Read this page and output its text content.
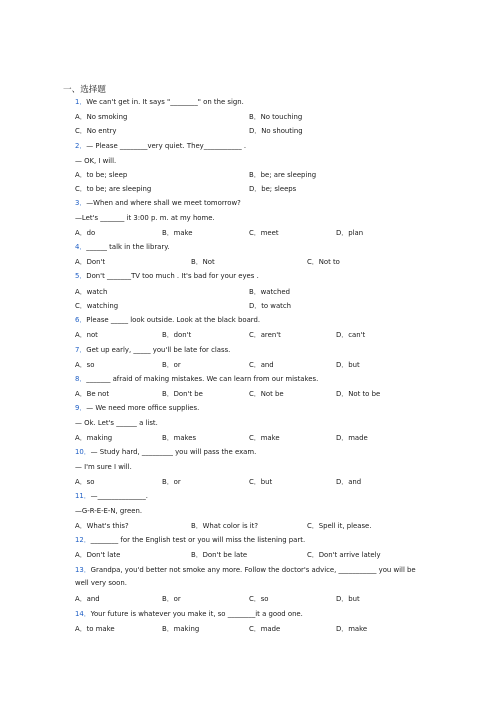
一、选择题
1．We can't get in. It says "________" on the sign.
A．No smoking	B．No touching
C．No entry	D．No shouting
2．— Please ________very quiet. They___________ .
— OK, I will.
A．to be; sleep	B．be; are sleeping
C．to be; are sleeping	D．be; sleeps
3．—When and where shall we meet tomorrow?
—Let's _______ it 3:00 p. m. at my home.
A．do	B．make	C．meet	D．plan
4．______ talk in the library.
A．Don't	B．Not	C．Not to
5．Don't _______TV too much . It's bad for your eyes .
A．watch	B．watched
C．watching	D．to watch
6．Please _____ look outside. Look at the black board.
A．not	B．don't	C．aren't	D．can't
7．Get up early, _____ you'll be late for class.
A．so	B．or	C．and	D．but
8．_______ afraid of making mistakes. We can learn from our mistakes.
A．Be not	B．Don't be	C．Not be	D．Not to be
9．— We need more office supplies.
— Ok. Let's ______ a list.
A．making	B．makes	C．make	D．made
10．— Study hard, _________ you will pass the exam.
— I'm sure I will.
A．so	B．or	C．but	D．and
11．—______________.
—G-R-E-E-N, green.
A．What's this?	B．What color is it?	C．Spell it, please.
12．________ for the English test or you will miss the listening part.
A．Don't late	B．Don't be late	C．Don't arrive lately
13．Grandpa, you'd better not smoke any more. Follow the doctor's advice, ___________ you will be well very soon.
A．and	B．or	C．so	D．but
14．Your future is whatever you make it, so ________it a good one.
A．to make	B．making	C．made	D．make
